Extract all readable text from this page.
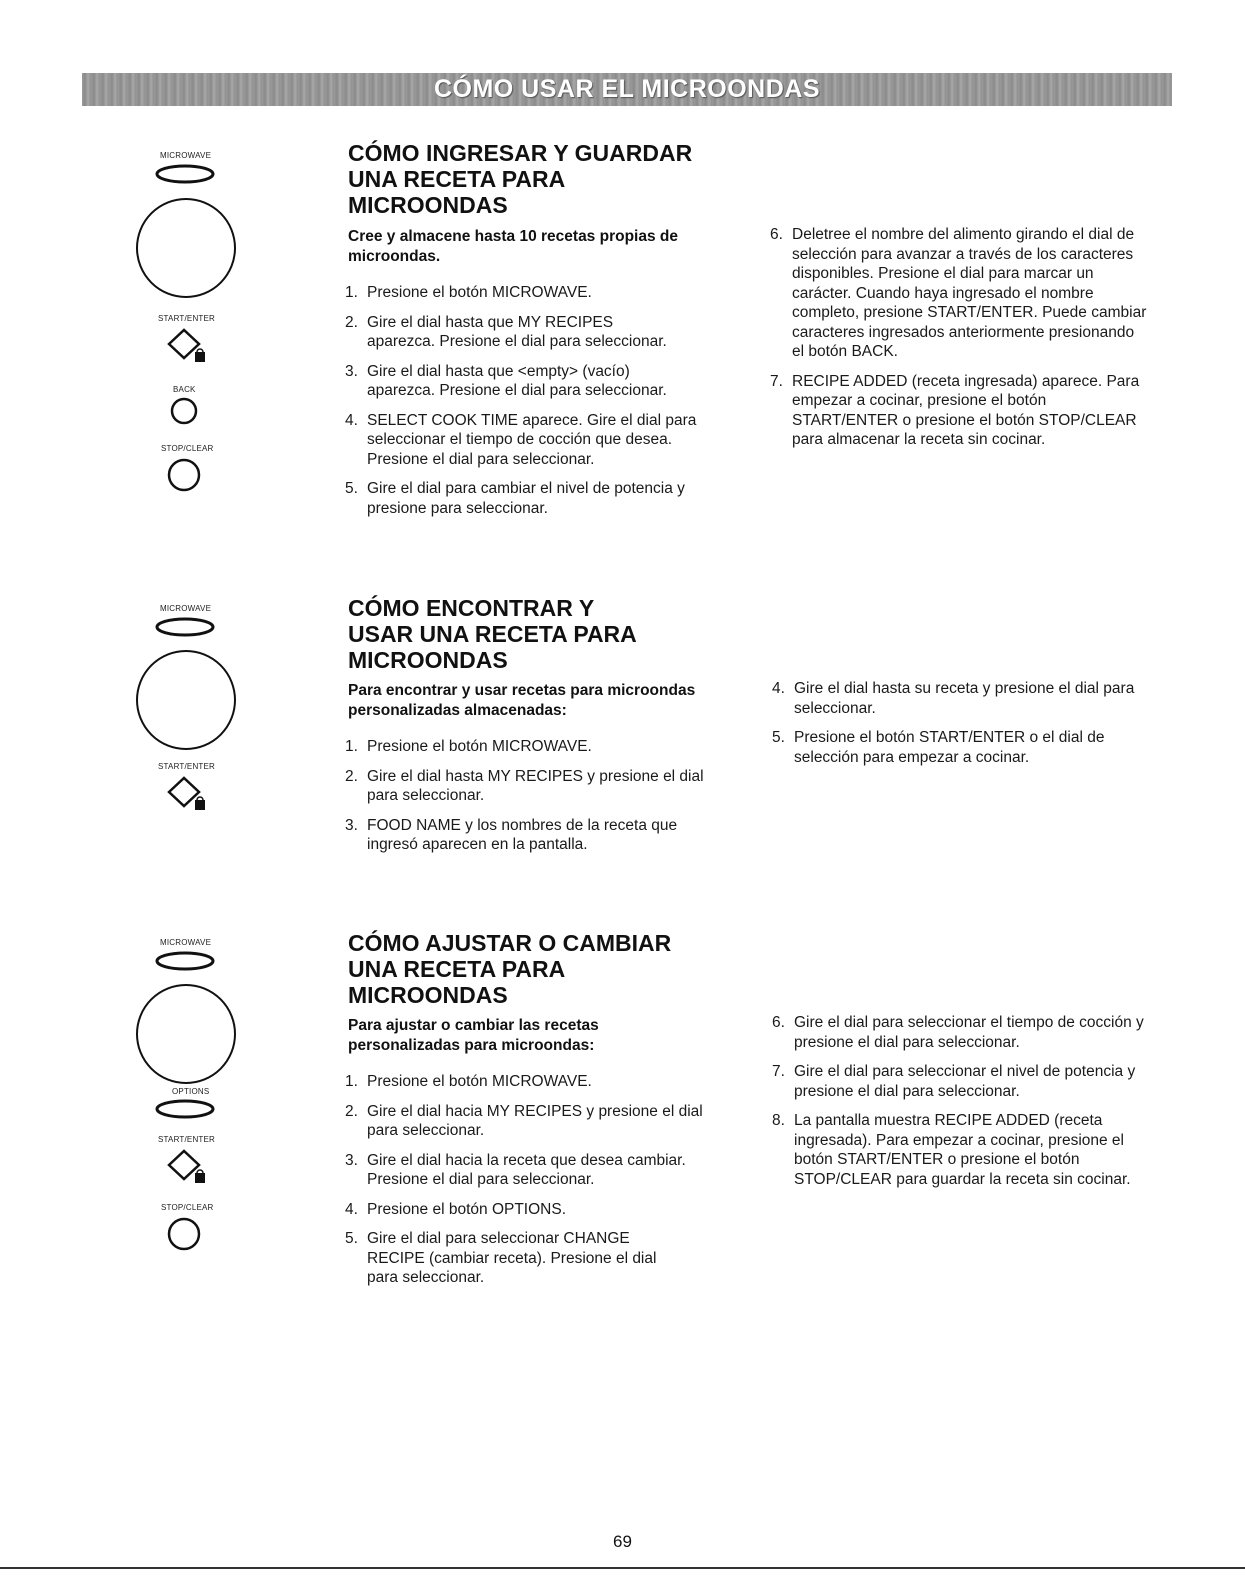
CÓMO USAR EL MICROONDAS
MICROWAVE
START/ENTER
BACK
STOP/CLEAR
CÓMO INGRESAR Y GUARDAR
UNA RECETA PARA
MICROONDAS
Cree y almacene hasta 10 recetas propias de microondas.
1. Presione el botón MICROWAVE.
2. Gire el dial hasta que MY RECIPES aparezca. Presione el dial para seleccionar.
3. Gire el dial hasta que <empty> (vacío) aparezca. Presione el dial para seleccionar.
4. SELECT COOK TIME aparece. Gire el dial para seleccionar el tiempo de cocción que desea. Presione el dial para seleccionar.
5. Gire el dial para cambiar el nivel de potencia y presione para seleccionar.
6. Deletree el nombre del alimento girando el dial de selección para avanzar a través de los caracteres disponibles. Presione el dial para marcar un carácter. Cuando haya ingresado el nombre completo, presione START/ENTER. Puede cambiar caracteres ingresados anteriormente presionando el botón BACK.
7. RECIPE ADDED (receta ingresada) aparece. Para empezar a cocinar, presione el botón START/ENTER o presione el botón STOP/CLEAR para almacenar la receta sin cocinar.
MICROWAVE
START/ENTER
CÓMO ENCONTRAR Y
USAR UNA RECETA PARA
MICROONDAS
Para encontrar y usar recetas para microondas personalizadas almacenadas:
1. Presione el botón MICROWAVE.
2. Gire el dial hasta MY RECIPES y presione el dial para seleccionar.
3. FOOD NAME y los nombres de la receta que ingresó aparecen en la pantalla.
4. Gire el dial hasta su receta y presione el dial para seleccionar.
5. Presione el botón START/ENTER o el dial de selección para empezar a cocinar.
MICROWAVE
OPTIONS
START/ENTER
STOP/CLEAR
CÓMO AJUSTAR O CAMBIAR
UNA RECETA PARA
MICROONDAS
Para ajustar o cambiar las recetas personalizadas para microondas:
1. Presione el botón MICROWAVE.
2. Gire el dial hacia MY RECIPES y presione el dial para seleccionar.
3. Gire el dial hacia la receta que desea cambiar. Presione el dial para seleccionar.
4. Presione el botón OPTIONS.
5. Gire el dial para seleccionar CHANGE RECIPE (cambiar receta). Presione el dial para seleccionar.
6. Gire el dial para seleccionar el tiempo de cocción y presione el dial para seleccionar.
7. Gire el dial para seleccionar el nivel de potencia y presione el dial para seleccionar.
8. La pantalla muestra RECIPE ADDED (receta ingresada). Para empezar a cocinar, presione el botón START/ENTER o presione el botón STOP/CLEAR para guardar la receta sin cocinar.
69
